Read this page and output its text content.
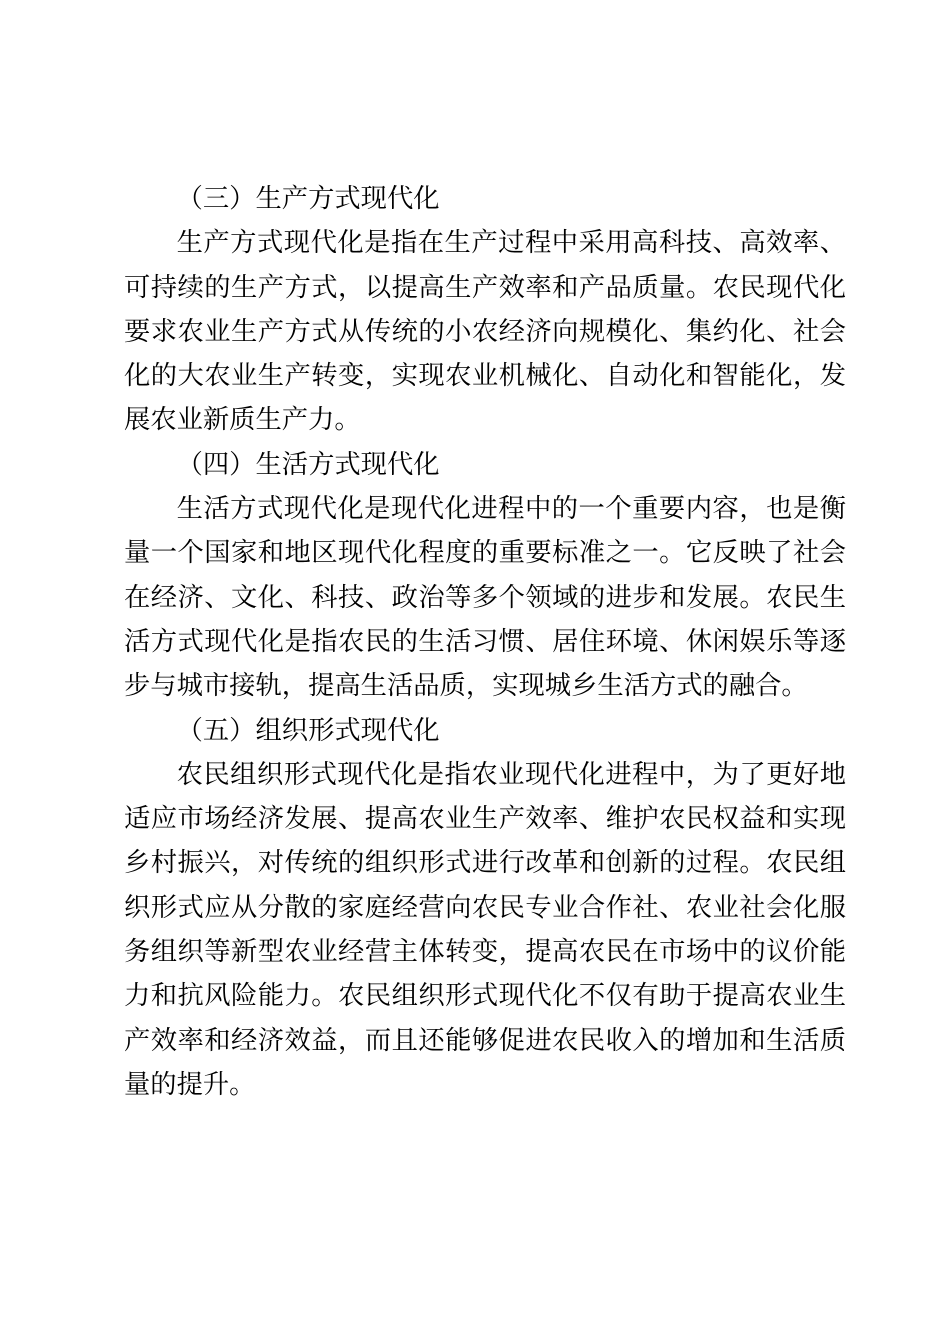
（三）生产方式现代化

生产方式现代化是指在生产过程中采用高科技、高效率、可持续的生产方式，以提高生产效率和产品质量。农民现代化要求农业生产方式从传统的小农经济向规模化、集约化、社会化的大农业生产转变，实现农业机械化、自动化和智能化，发展农业新质生产力。

（四）生活方式现代化

生活方式现代化是现代化进程中的一个重要内容，也是衡量一个国家和地区现代化程度的重要标准之一。它反映了社会在经济、文化、科技、政治等多个领域的进步和发展。农民生活方式现代化是指农民的生活习惯、居住环境、休闲娱乐等逐步与城市接轨，提高生活品质，实现城乡生活方式的融合。

（五）组织形式现代化

农民组织形式现代化是指农业现代化进程中，为了更好地适应市场经济发展、提高农业生产效率、维护农民权益和实现乡村振兴，对传统的组织形式进行改革和创新的过程。农民组织形式应从分散的家庭经营向农民专业合作社、农业社会化服务组织等新型农业经营主体转变，提高农民在市场中的议价能力和抗风险能力。农民组织形式现代化不仅有助于提高农业生产效率和经济效益，而且还能够促进农民收入的增加和生活质量的提升。
